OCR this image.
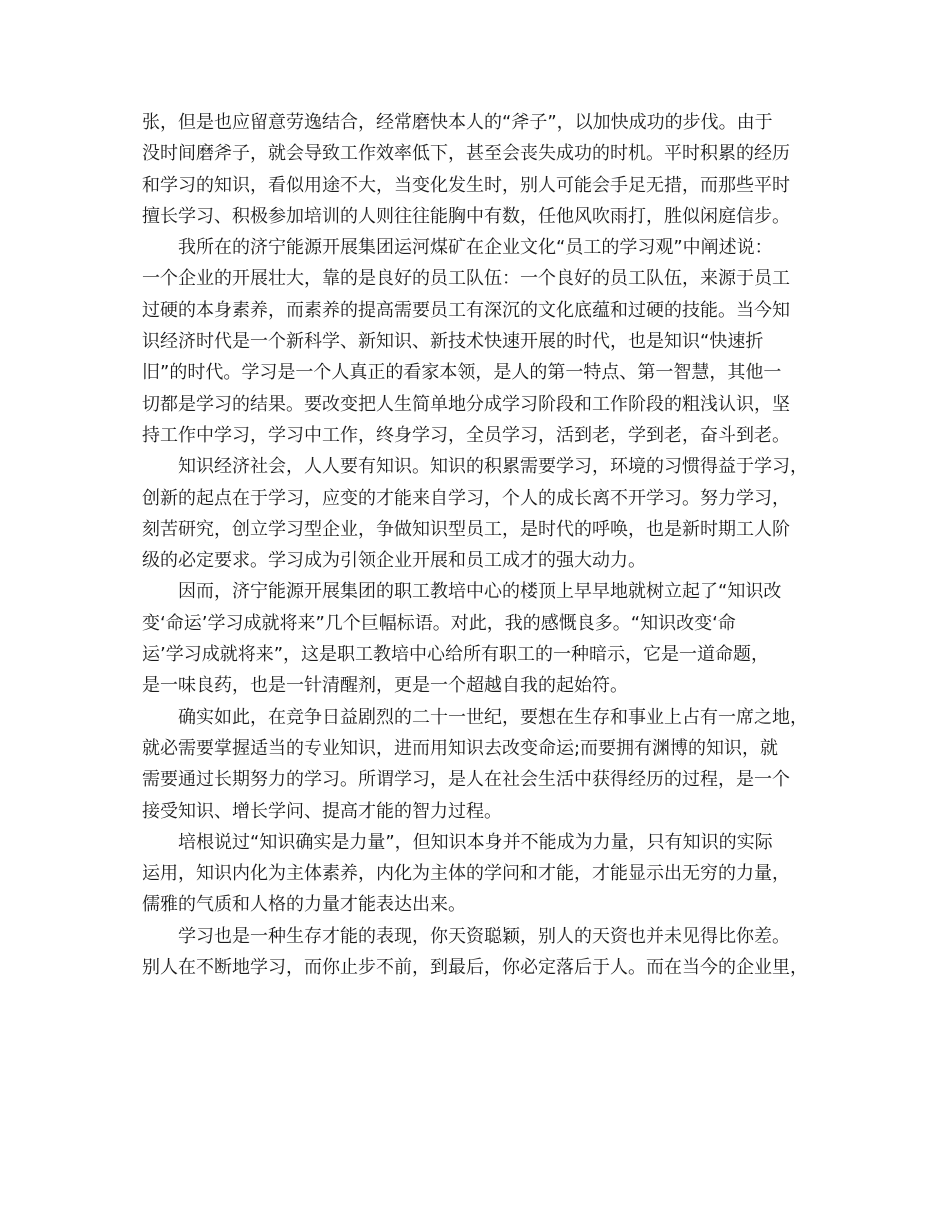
张，但是也应留意劳逸结合，经常磨快本人的“斧子”，以加快成功的步伐。由于
没时间磨斧子，就会导致工作效率低下，甚至会丧失成功的时机。平时积累的经历
和学习的知识，看似用途不大，当变化发生时，别人可能会手足无措，而那些平时
擅长学习、积极参加培训的人则往往能胸中有数，任他风吹雨打，胜似闲庭信步。
　　我所在的济宁能源开展集团运河煤矿在企业文化“员工的学习观”中阐述说：
一个企业的开展壮大，靠的是良好的员工队伍：一个良好的员工队伍，来源于员工
过硬的本身素养，而素养的提高需要员工有深沉的文化底蕴和过硬的技能。当今知
识经济时代是一个新科学、新知识、新技术快速开展的时代，也是知识“快速折
旧”的时代。学习是一个人真正的看家本领，是人的第一特点、第一智慧，其他一
切都是学习的结果。要改变把人生简单地分成学习阶段和工作阶段的粗浅认识，坚
持工作中学习，学习中工作，终身学习，全员学习，活到老，学到老，奋斗到老。
　　知识经济社会，人人要有知识。知识的积累需要学习，环境的习惯得益于学习，
创新的起点在于学习，应变的才能来自学习，个人的成长离不开学习。努力学习，
刻苦研究，创立学习型企业，争做知识型员工，是时代的呼唤，也是新时期工人阶
级的必定要求。学习成为引领企业开展和员工成才的强大动力。
　　因而，济宁能源开展集团的职工教培中心的楼顶上早早地就树立起了“知识改
变‘命运’学习成就将来”几个巨幅标语。对此，我的感慨良多。“知识改变‘命
运’学习成就将来”，这是职工教培中心给所有职工的一种暗示，它是一道命题，
是一味良药，也是一针清醒剂，更是一个超越自我的起始符。
　　确实如此，在竞争日益剧烈的二十一世纪，要想在生存和事业上占有一席之地，
就必需要掌握适当的专业知识，进而用知识去改变命运;而要拥有渊博的知识，就
需要通过长期努力的学习。所谓学习，是人在社会生活中获得经历的过程，是一个
接受知识、增长学问、提高才能的智力过程。
　　培根说过“知识确实是力量”，但知识本身并不能成为力量，只有知识的实际
运用，知识内化为主体素养，内化为主体的学问和才能，才能显示出无穷的力量，
儒雅的气质和人格的力量才能表达出来。
　　学习也是一种生存才能的表现，你天资聪颖，别人的天资也并未见得比你差。
别人在不断地学习，而你止步不前，到最后，你必定落后于人。而在当今的企业里，
